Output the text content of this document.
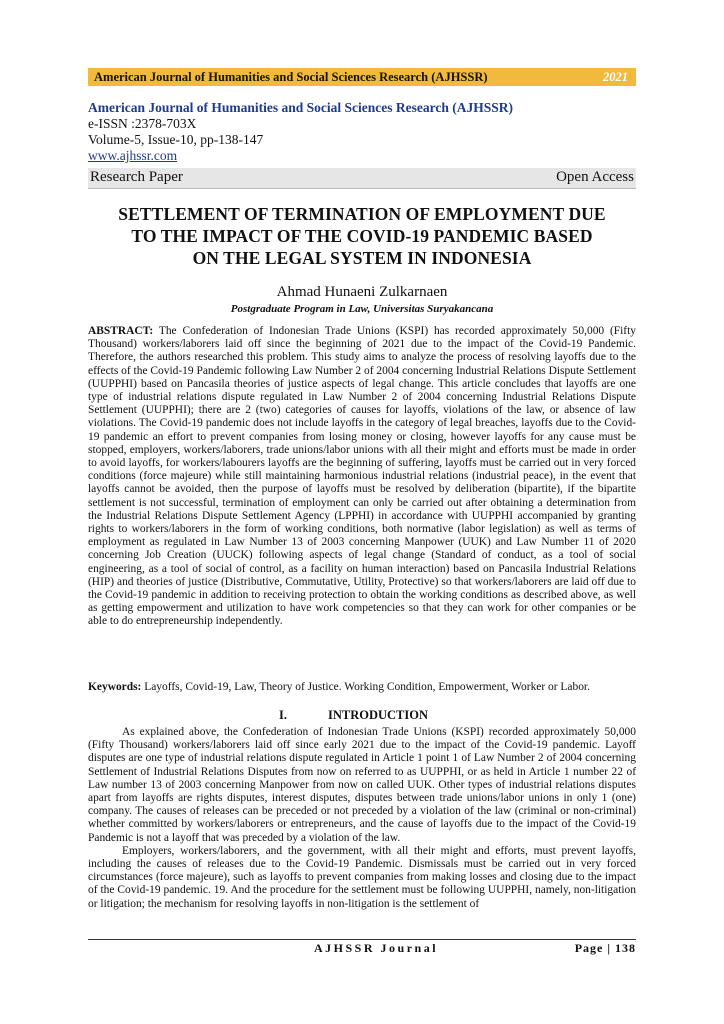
American Journal of Humanities and Social Sciences Research (AJHSSR)	2021
American Journal of Humanities and Social Sciences Research (AJHSSR)
e-ISSN :2378-703X
Volume-5, Issue-10, pp-138-147
www.ajhssr.com
Research Paper	Open Access
SETTLEMENT OF TERMINATION OF EMPLOYMENT DUE
TO THE IMPACT OF THE COVID-19 PANDEMIC BASED
ON THE LEGAL SYSTEM IN INDONESIA
Ahmad Hunaeni Zulkarnaen
Postgraduate Program in Law, Universitas Suryakancana
ABSTRACT: The Confederation of Indonesian Trade Unions (KSPI) has recorded approximately 50,000 (Fifty Thousand) workers/laborers laid off since the beginning of 2021 due to the impact of the Covid-19 Pandemic. Therefore, the authors researched this problem. This study aims to analyze the process of resolving layoffs due to the effects of the Covid-19 Pandemic following Law Number 2 of 2004 concerning Industrial Relations Dispute Settlement (UUPPHI) based on Pancasila theories of justice aspects of legal change. This article concludes that layoffs are one type of industrial relations dispute regulated in Law Number 2 of 2004 concerning Industrial Relations Dispute Settlement (UUPPHI); there are 2 (two) categories of causes for layoffs, violations of the law, or absence of law violations. The Covid-19 pandemic does not include layoffs in the category of legal breaches, layoffs due to the Covid-19 pandemic an effort to prevent companies from losing money or closing, however layoffs for any cause must be stopped, employers, workers/laborers, trade unions/labor unions with all their might and efforts must be made in order to avoid layoffs, for workers/labourers layoffs are the beginning of suffering, layoffs must be carried out in very forced conditions (force majeure) while still maintaining harmonious industrial relations (industrial peace), in the event that layoffs cannot be avoided, then the purpose of layoffs must be resolved by deliberation (bipartite), if the bipartite settlement is not successful, termination of employment can only be carried out after obtaining a determination from the Industrial Relations Dispute Settlement Agency (LPPHI) in accordance with UUPPHI accompanied by granting rights to workers/laborers in the form of working conditions, both normative (labor legislation) as well as terms of employment as regulated in Law Number 13 of 2003 concerning Manpower (UUK) and Law Number 11 of 2020 concerning Job Creation (UUCK) following aspects of legal change (Standard of conduct, as a tool of social engineering, as a tool of social of control, as a facility on human interaction) based on Pancasila Industrial Relations (HIP) and theories of justice (Distributive, Commutative, Utility, Protective) so that workers/laborers are laid off due to the Covid-19 pandemic in addition to receiving protection to obtain the working conditions as described above, as well as getting empowerment and utilization to have work competencies so that they can work for other companies or be able to do entrepreneurship independently.
Keywords: Layoffs, Covid-19, Law, Theory of Justice. Working Condition, Empowerment, Worker or Labor.
I.	INTRODUCTION

As explained above, the Confederation of Indonesian Trade Unions (KSPI) recorded approximately 50,000 (Fifty Thousand) workers/laborers laid off since early 2021 due to the impact of the Covid-19 pandemic. Layoff disputes are one type of industrial relations dispute regulated in Article 1 point 1 of Law Number 2 of 2004 concerning Settlement of Industrial Relations Disputes from now on referred to as UUPPHI, or as held in Article 1 number 22 of Law number 13 of 2003 concerning Manpower from now on called UUK. Other types of industrial relations disputes apart from layoffs are rights disputes, interest disputes, disputes between trade unions/labor unions in only 1 (one) company. The causes of releases can be preceded or not preceded by a violation of the law (criminal or non-criminal) whether committed by workers/laborers or entrepreneurs, and the cause of layoffs due to the impact of the Covid-19 Pandemic is not a layoff that was preceded by a violation of the law.

Employers, workers/laborers, and the government, with all their might and efforts, must prevent layoffs, including the causes of releases due to the Covid-19 Pandemic. Dismissals must be carried out in very forced circumstances (force majeure), such as layoffs to prevent companies from making losses and closing due to the impact of the Covid-19 pandemic. 19. And the procedure for the settlement must be following UUPPHI, namely, non-litigation or litigation; the mechanism for resolving layoffs in non-litigation is the settlement of

AJHSSR Journal	Page | 138
